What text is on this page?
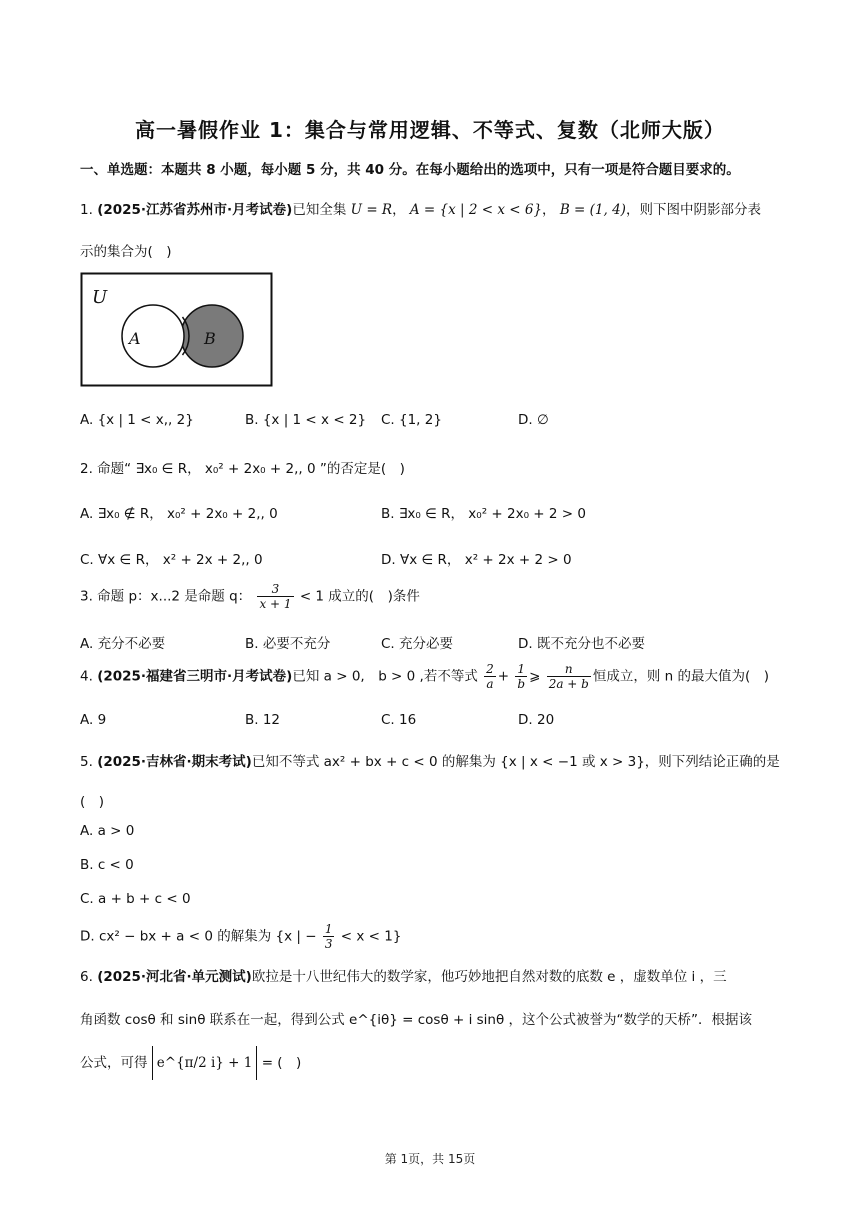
高一暑假作业 1：集合与常用逻辑、不等式、复数（北师大版）
一、单选题：本题共 8 小题，每小题 5 分，共 40 分。在每小题给出的选项中，只有一项是符合题目要求的。
1. (2025·江苏省苏州市·月考试卷)已知全集 U = R， A = {x | 2 < x < 6}， B = (1, 4)，则下图中阴影部分表
示的集合为(　)
U
A	B
A. {x | 1 < x,, 2}	B. {x | 1 < x < 2} C. {1, 2}	D. ∅
2. 命题“ ∃x₀ ∈ R， x₀² + 2x₀ + 2,, 0 ”的否定是(　)
A. ∃x₀ ∉ R， x₀² + 2x₀ + 2,, 0	B. ∃x₀ ∈ R， x₀² + 2x₀ + 2 > 0
C. ∀x ∈ R， x² + 2x + 2,, 0	D. ∀x ∈ R， x² + 2x + 2 > 0
3. 命题 p：x...2 是命题 q： $\frac{3}{x + 1} < 1$ 成立的(　)条件
A. 充分不必要	B. 必要不充分	C. 充分必要	D. 既不充分也不必要
4. (2025·福建省三明市·月考试卷)已知 a > 0,　b > 0 ,若不等式 $\frac{2}{a} + \frac{1}{b}$ ⩾ $\frac{n}{2a + b}$ 恒成立，则 n 的最大值为(　)
A. 9	B. 12	C. 16	D. 20
5. (2025·吉林省·期末考试)已知不等式 ax² + bx + c < 0 的解集为 {x | x < −1 或 x > 3}，则下列结论正确的是
(　)
A. a > 0
B. c < 0
C. a + b + c < 0
D. cx² − bx + a < 0 的解集为 {x | − $\frac{1}{3} < x < 1$}
6. (2025·河北省·单元测试)欧拉是十八世纪伟大的数学家，他巧妙地把自然对数的底数 e ，虚数单位 i ，三
角函数 cosθ 和 sinθ 联系在一起，得到公式 e^{iθ} = cosθ + i sinθ ，这个公式被誉为“数学的天桥”．根据该
公式，可得 e^{π/2 i} + 1 = (　)
第 1页，共 15页
